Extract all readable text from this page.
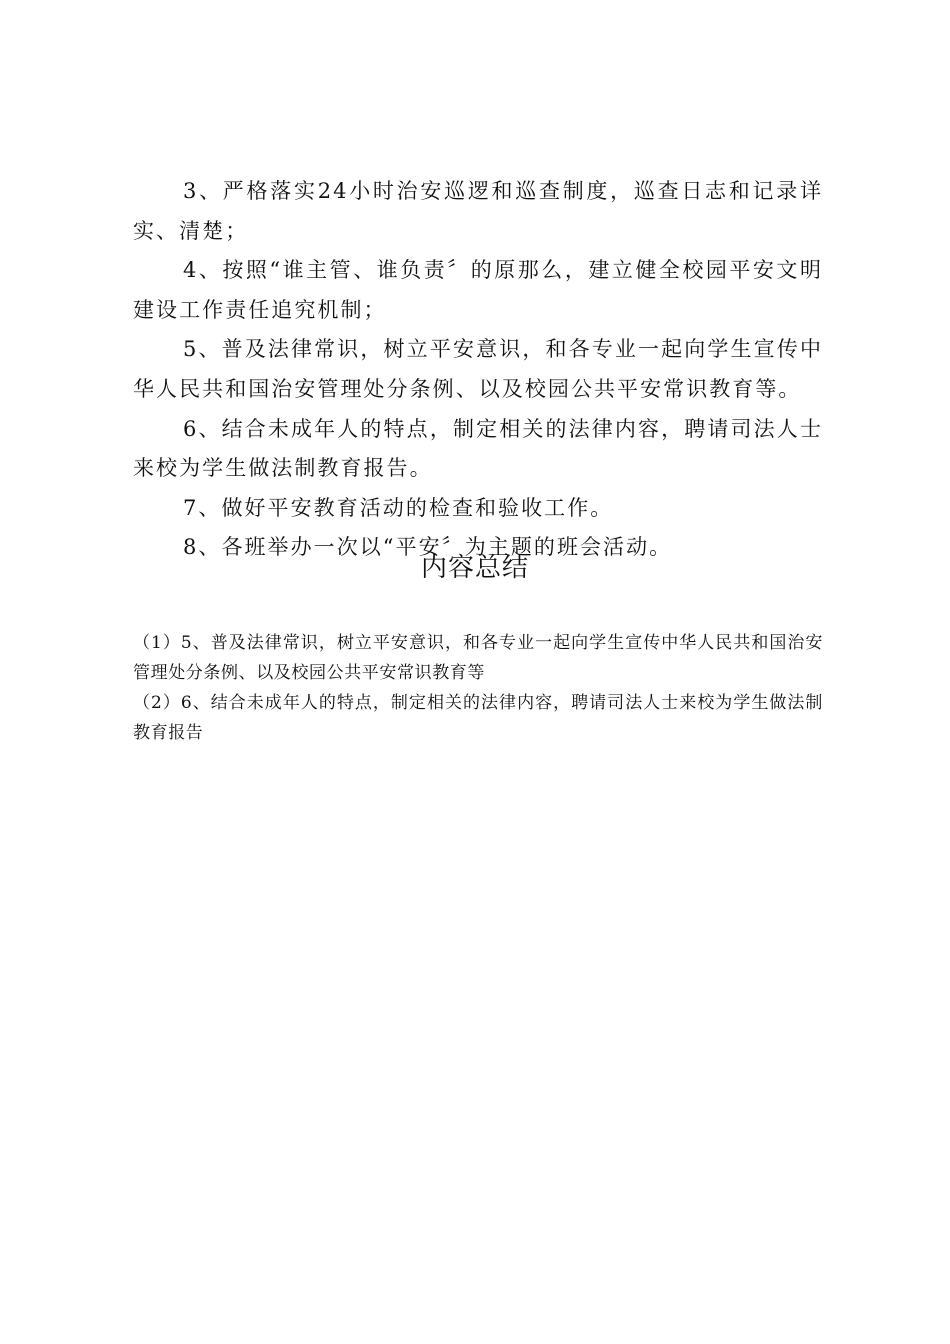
3、严格落实24小时治安巡逻和巡查制度，巡查日志和记录详实、清楚；

4、按照“谁主管、谁负责〞的原那么，建立健全校园平安文明建设工作责任追究机制；

5、普及法律常识，树立平安意识，和各专业一起向学生宣传中华人民共和国治安管理处分条例、以及校园公共平安常识教育等。

6、结合未成年人的特点，制定相关的法律内容，聘请司法人士来校为学生做法制教育报告。

7、做好平安教育活动的检查和验收工作。

8、各班举办一次以“平安〞为主题的班会活动。

内容总结

（1）5、普及法律常识，树立平安意识，和各专业一起向学生宣传中华人民共和国治安管理处分条例、以及校园公共平安常识教育等

（2）6、结合未成年人的特点，制定相关的法律内容，聘请司法人士来校为学生做法制教育报告
